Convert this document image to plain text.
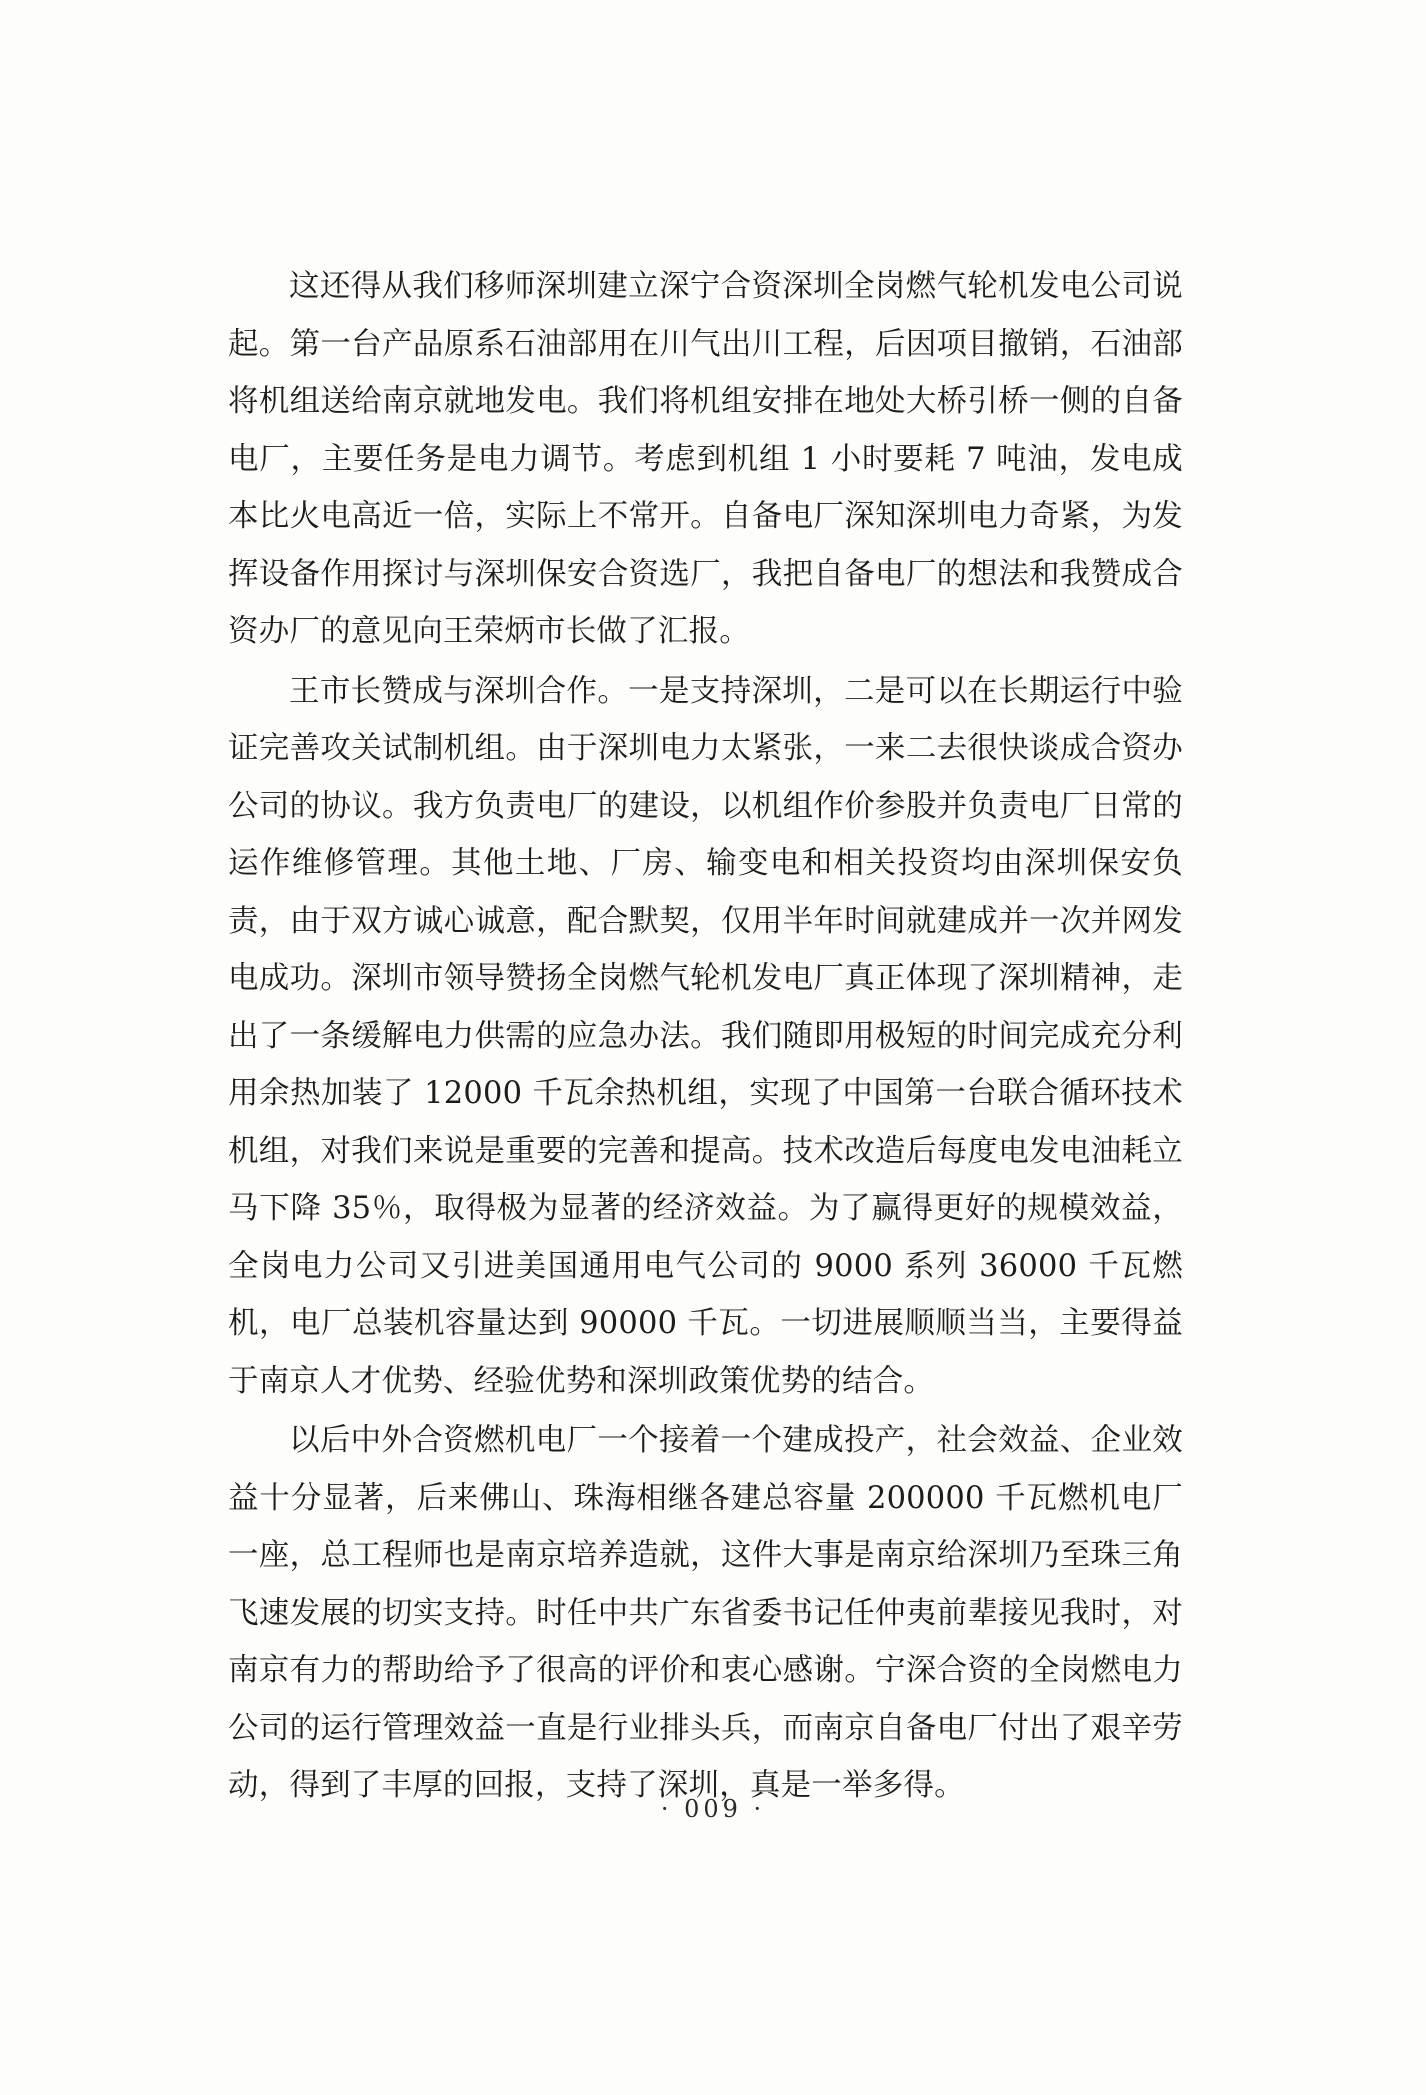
这还得从我们移师深圳建立深宁合资深圳全岗燃气轮机发电公司说起。第一台产品原系石油部用在川气出川工程，后因项目撤销，石油部将机组送给南京就地发电。我们将机组安排在地处大桥引桥一侧的自备电厂，主要任务是电力调节。考虑到机组 1 小时要耗 7 吨油，发电成本比火电高近一倍，实际上不常开。自备电厂深知深圳电力奇紧，为发挥设备作用探讨与深圳保安合资选厂，我把自备电厂的想法和我赞成合资办厂的意见向王荣炳市长做了汇报。

王市长赞成与深圳合作。一是支持深圳，二是可以在长期运行中验证完善攻关试制机组。由于深圳电力太紧张，一来二去很快谈成合资办公司的协议。我方负责电厂的建设，以机组作价参股并负责电厂日常的运作维修管理。其他土地、厂房、输变电和相关投资均由深圳保安负责，由于双方诚心诚意，配合默契，仅用半年时间就建成并一次并网发电成功。深圳市领导赞扬全岗燃气轮机发电厂真正体现了深圳精神，走出了一条缓解电力供需的应急办法。我们随即用极短的时间完成充分利用余热加装了 12000 千瓦余热机组，实现了中国第一台联合循环技术机组，对我们来说是重要的完善和提高。技术改造后每度电发电油耗立马下降 35％，取得极为显著的经济效益。为了赢得更好的规模效益，全岗电力公司又引进美国通用电气公司的 9000 系列 36000 千瓦燃机，电厂总装机容量达到 90000 千瓦。一切进展顺顺当当，主要得益于南京人才优势、经验优势和深圳政策优势的结合。

以后中外合资燃机电厂一个接着一个建成投产，社会效益、企业效益十分显著，后来佛山、珠海相继各建总容量 200000 千瓦燃机电厂一座，总工程师也是南京培养造就，这件大事是南京给深圳乃至珠三角飞速发展的切实支持。时任中共广东省委书记任仲夷前辈接见我时，对南京有力的帮助给予了很高的评价和衷心感谢。宁深合资的全岗燃电力公司的运行管理效益一直是行业排头兵，而南京自备电厂付出了艰辛劳动，得到了丰厚的回报，支持了深圳，真是一举多得。

· 009 ·
